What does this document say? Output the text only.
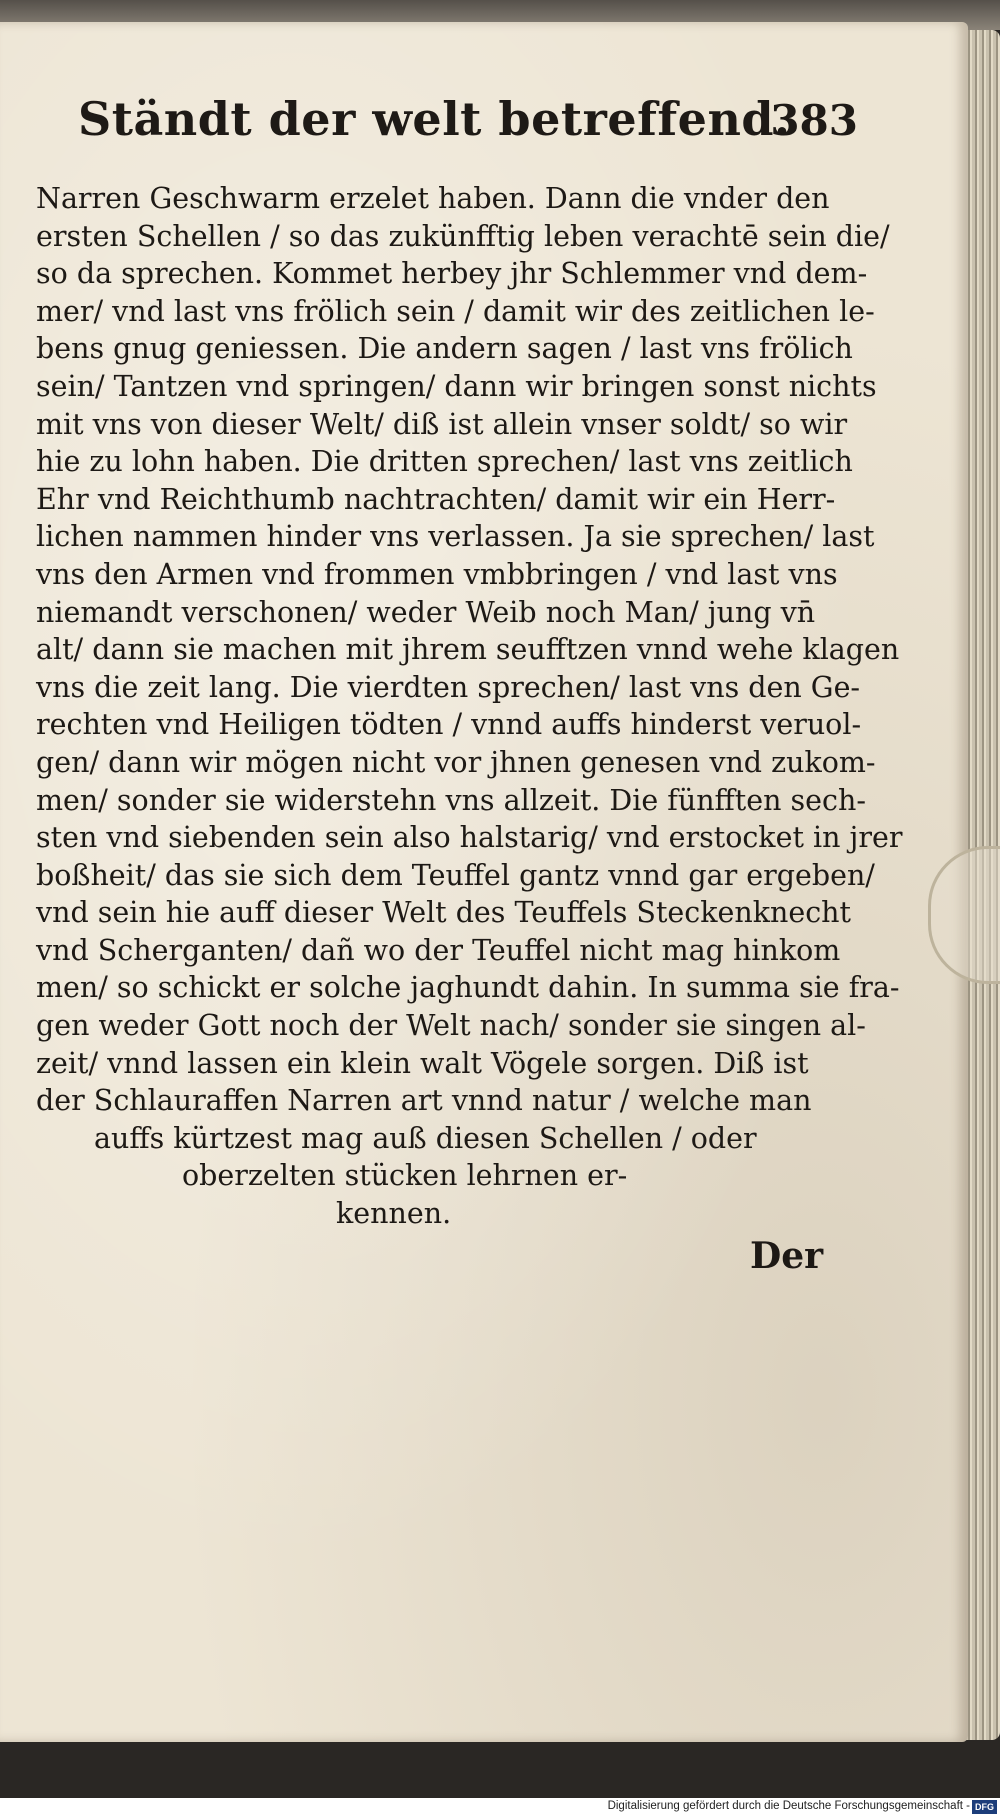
Ständt der welt betreffend.
383
Narren Geschwarm erzelet haben. Dann die vnder den
ersten Schellen / so das zukünfftig leben verachtē sein die/
so da sprechen. Kommet herbey jhr Schlemmer vnd dem-
mer/ vnd last vns frölich sein / damit wir des zeitlichen le-
bens gnug geniessen. Die andern sagen / last vns frölich
sein/ Tantzen vnd springen/ dann wir bringen sonst nichts
mit vns von dieser Welt/ diß ist allein vnser soldt/ so wir
hie zu lohn haben. Die dritten sprechen/ last vns zeitlich
Ehr vnd Reichthumb nachtrachten/ damit wir ein Herr-
lichen nammen hinder vns verlassen. Ja sie sprechen/ last
vns den Armen vnd frommen vmbbringen / vnd last vns
niemandt verschonen/ weder Weib noch Man/ jung vn̄
alt/ dann sie machen mit jhrem seufftzen vnnd wehe klagen
vns die zeit lang. Die vierdten sprechen/ last vns den Ge-
rechten vnd Heiligen tödten / vnnd auffs hinderst veruol-
gen/ dann wir mögen nicht vor jhnen genesen vnd zukom-
men/ sonder sie widerstehn vns allzeit. Die fünfften sech-
sten vnd siebenden sein also halstarig/ vnd erstocket in jrer
boßheit/ das sie sich dem Teuffel gantz vnnd gar ergeben/
vnd sein hie auff dieser Welt des Teuffels Steckenknecht
vnd Scherganten/ dañ wo der Teuffel nicht mag hinkom
men/ so schickt er solche jaghundt dahin. In summa sie fra-
gen weder Gott noch der Welt nach/ sonder sie singen al-
zeit/ vnnd lassen ein klein walt Vögele sorgen. Diß ist
der Schlauraffen Narren art vnnd natur / welche man
auffs kürtzest mag auß diesen Schellen / oder
oberzelten stücken lehrnen er-
kennen.
Der
Digitalisierung gefördert durch die Deutsche Forschungsgemeinschaft - DFG
